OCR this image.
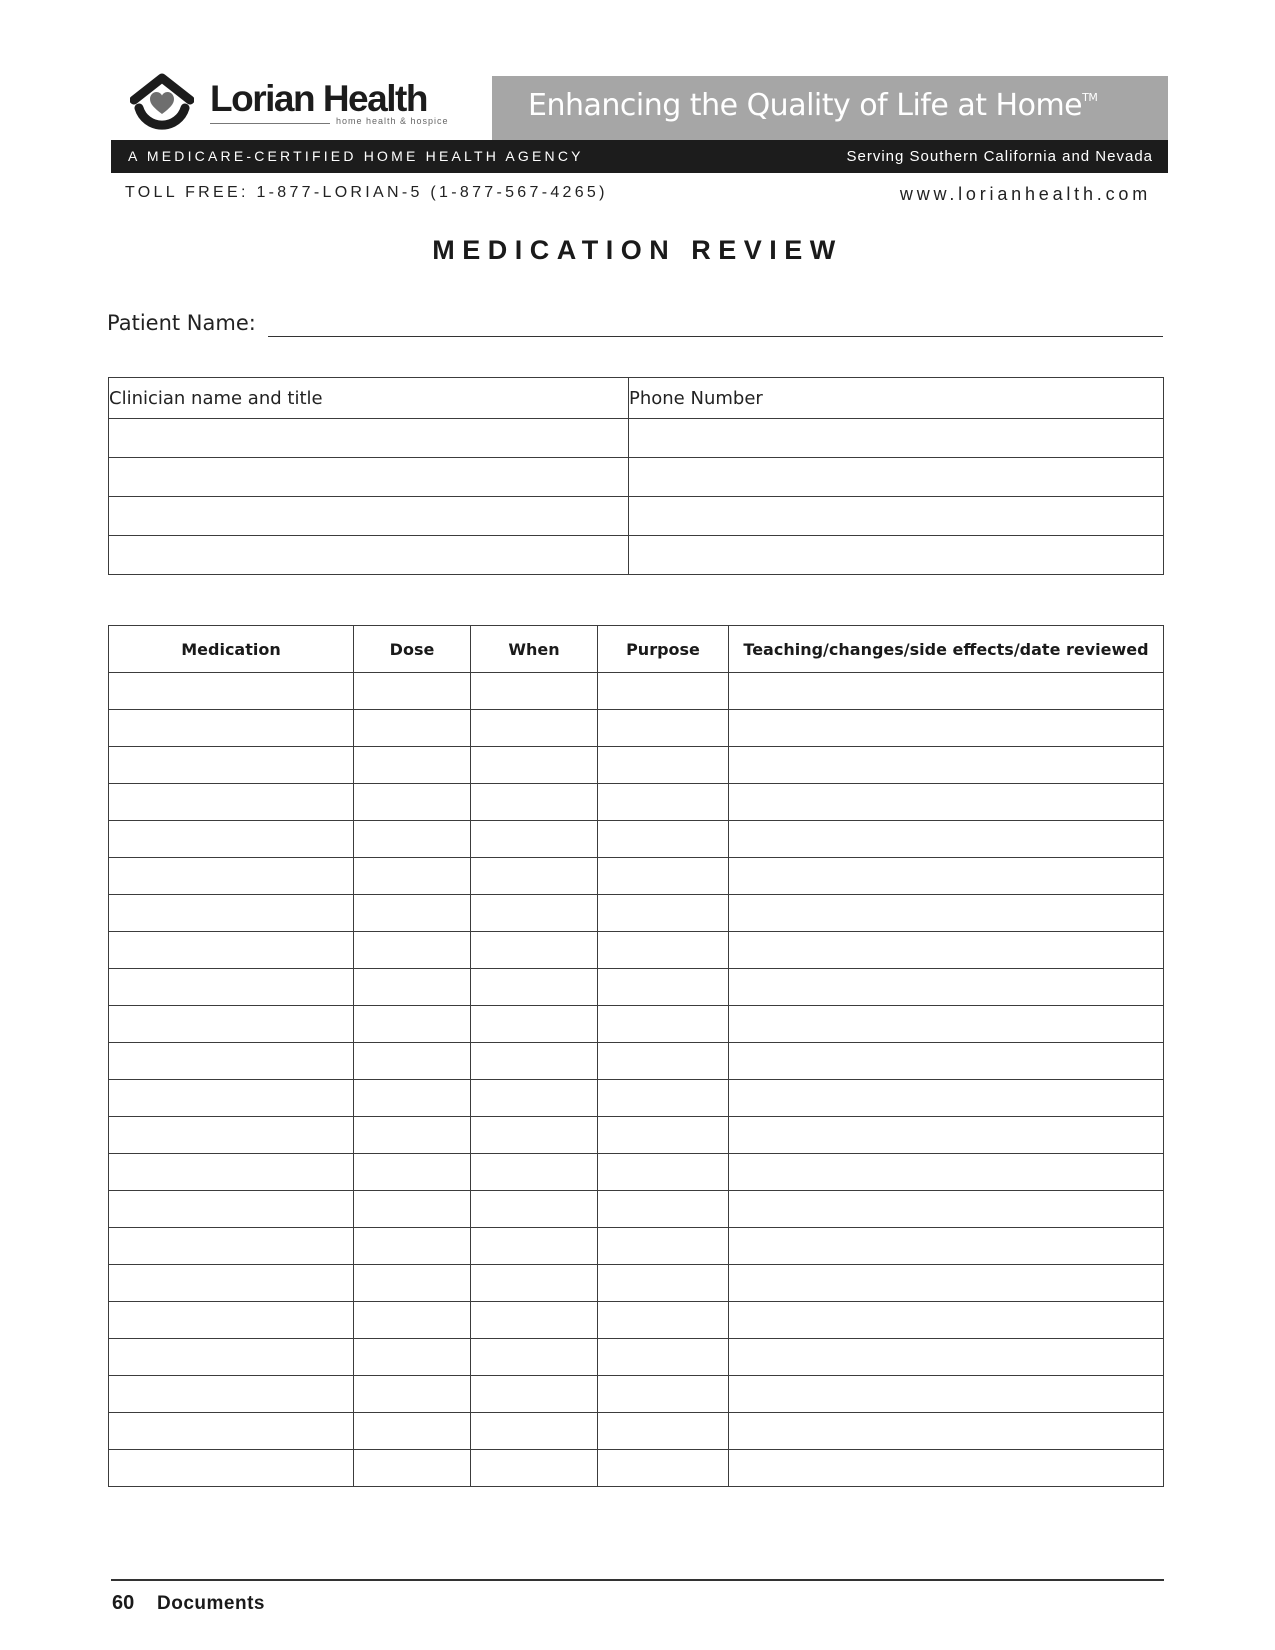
Lorian Health
home health & hospice	Enhancing the Quality of Life at Home™
A MEDICARE-CERTIFIED HOME HEALTH AGENCY	Serving Southern California and Nevada
TOLL FREE: 1-877-LORIAN-5 (1-877-567-4265)	www.lorianhealth.com
MEDICATION REVIEW
Patient Name:
Clinician name and title	Phone Number

Medication	Dose	When	Purpose	Teaching/changes/side effects/date reviewed

60 Documents
